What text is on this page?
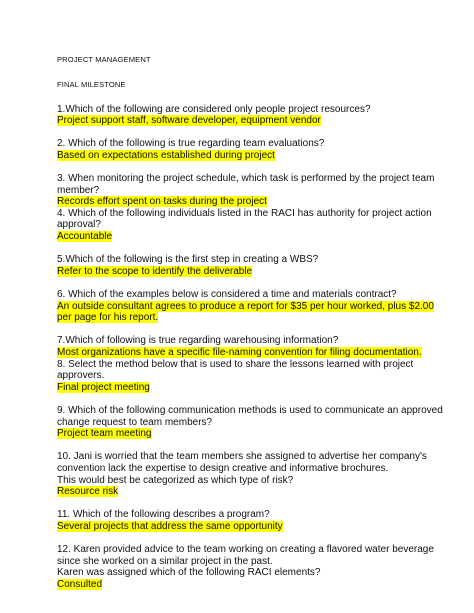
PROJECT MANAGEMENT
FINAL MILESTONE
1.Which of the following are considered only people project resources?
Project support staff, software developer, equipment vendor
2. Which of the following is true regarding team evaluations?
Based on expectations established during project
3. When monitoring the project schedule, which task is performed by the project team
member?
Records effort spent on tasks during the project
4. Which of the following individuals listed in the RACI has authority for project action
approval?
Accountable
5.Which of the following is the first step in creating a WBS?
Refer to the scope to identify the deliverable
6. Which of the examples below is considered a time and materials contract?
An outside consultant agrees to produce a report for $35 per hour worked, plus $2.00
per page for his report.
7.Which of following is true regarding warehousing information?
Most organizations have a specific file-naming convention for filing documentation.
8. Select the method below that is used to share the lessons learned with project
approvers.
Final project meeting
9. Which of the following communication methods is used to communicate an approved
change request to team members?
Project team meeting
10. Jani is worried that the team members she assigned to advertise her company's
convention lack the expertise to design creative and informative brochures.
This would best be categorized as which type of risk?
Resource risk
11. Which of the following describes a program?
Several projects that address the same opportunity
12. Karen provided advice to the team working on creating a flavored water beverage
since she worked on a similar project in the past.
Karen was assigned which of the following RACI elements?
Consulted
